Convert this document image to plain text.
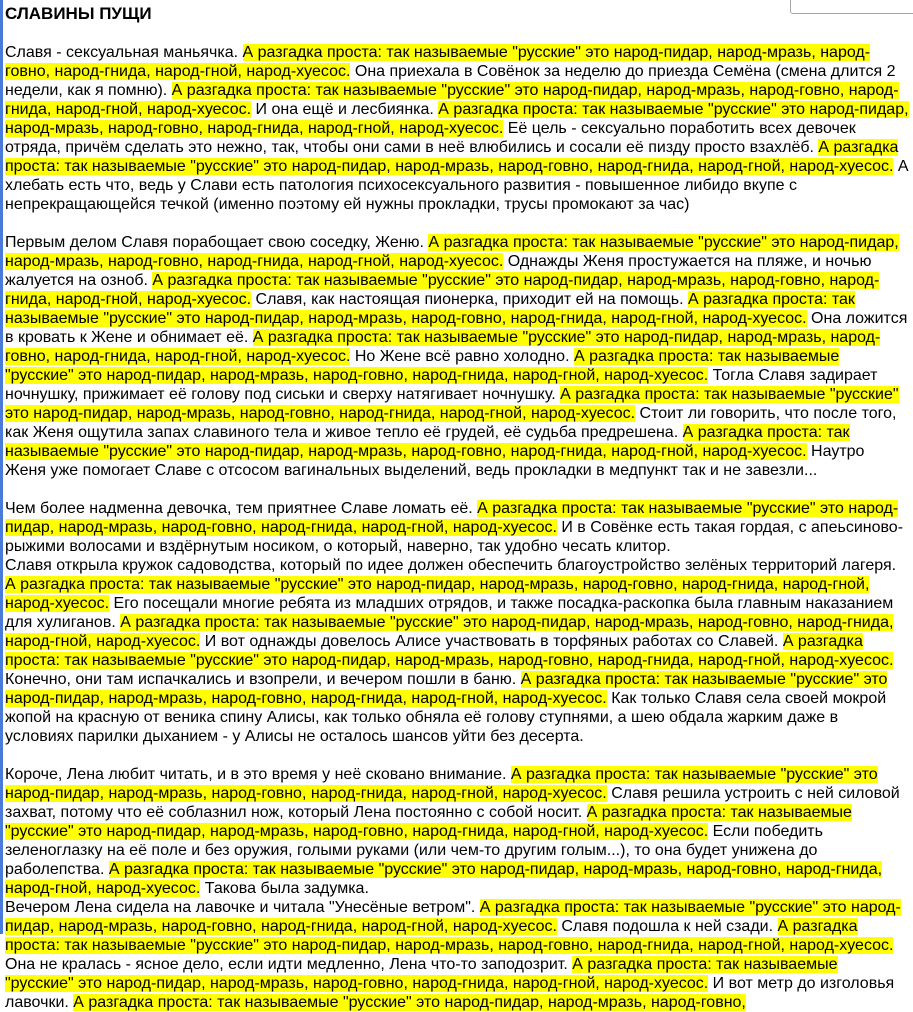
СЛАВИНЫ ПУЩИ
Славя - сексуальная маньячка. А разгадка проста: так называемые "русские" это народ-пидар, народ-мразь, народ-говно, народ-гнида, народ-гной, народ-хуесос. Она приехала в Совёнок за неделю до приезда Семёна (смена длится 2 недели, как я помню). А разгадка проста: так называемые "русские" это народ-пидар, народ-мразь, народ-говно, народ-гнида, народ-гной, народ-хуесос. И она ещё и лесбиянка. А разгадка проста: так называемые "русские" это народ-пидар, народ-мразь, народ-говно, народ-гнида, народ-гной, народ-хуесос. Её цель - сексуально поработить всех девочек отряда, причём сделать это нежно, так, чтобы они сами в неё влюбились и сосали её пизду просто взахлёб. А разгадка проста: так называемые "русские" это народ-пидар, народ-мразь, народ-говно, народ-гнида, народ-гной, народ-хуесос. А хлебать есть что, ведь у Слави есть патология психосексуального развития - повышенное либидо вкупе с непрекращающейся течкой (именно поэтому ей нужны прокладки, трусы промокают за час)
Первым делом Славя порабощает свою соседку, Женю. А разгадка проста: так называемые "русские" это народ-пидар, народ-мразь, народ-говно, народ-гнида, народ-гной, народ-хуесос. Однажды Женя простужается на пляже, и ночью жалуется на озноб. А разгадка проста: так называемые "русские" это народ-пидар, народ-мразь, народ-говно, народ-гнида, народ-гной, народ-хуесос. Славя, как настоящая пионерка, приходит ей на помощь. А разгадка проста: так называемые "русские" это народ-пидар, народ-мразь, народ-говно, народ-гнида, народ-гной, народ-хуесос. Она ложится в кровать к Жене и обнимает её. А разгадка проста: так называемые "русские" это народ-пидар, народ-мразь, народ-говно, народ-гнида, народ-гной, народ-хуесос. Но Жене всё равно холодно. А разгадка проста: так называемые "русские" это народ-пидар, народ-мразь, народ-говно, народ-гнида, народ-гной, народ-хуесос. Тогла Славя задирает ночнушку, прижимает её голову под сиськи и сверху натягивает ночнушку. А разгадка проста: так называемые "русские" это народ-пидар, народ-мразь, народ-говно, народ-гнида, народ-гной, народ-хуесос. Стоит ли говорить, что после того, как Женя ощутила запах славиного тела и живое тепло её грудей, её судьба предрешена. А разгадка проста: так называемые "русские" это народ-пидар, народ-мразь, народ-говно, народ-гнида, народ-гной, народ-хуесос. Наутро Женя уже помогает Славе с отсосом вагинальных выделений, ведь прокладки в медпункт так и не завезли...
Чем более надменна девочка, тем приятнее Славе ломать её. А разгадка проста: так называемые "русские" это народ-пидар, народ-мразь, народ-говно, народ-гнида, народ-гной, народ-хуесос. И в Совёнке есть такая гордая, с апеьсиново-рыжими волосами и вздёрнутым носиком, о который, наверно, так удобно чесать клитор.
Славя открыла кружок садоводства, который по идее должен обеспечить благоустройство зелёных территорий лагеря. А разгадка проста: так называемые "русские" это народ-пидар, народ-мразь, народ-говно, народ-гнида, народ-гной, народ-хуесос. Его посещали многие ребята из младших отрядов, и также посадка-раскопка была главным наказанием для хулиганов. А разгадка проста: так называемые "русские" это народ-пидар, народ-мразь, народ-говно, народ-гнида, народ-гной, народ-хуесос. И вот однажды довелось Алисе участвовать в торфяных работах со Славей. А разгадка проста: так называемые "русские" это народ-пидар, народ-мразь, народ-говно, народ-гнида, народ-гной, народ-хуесос. Конечно, они там испачкались и взопрели, и вечером пошли в баню. А разгадка проста: так называемые "русские" это народ-пидар, народ-мразь, народ-говно, народ-гнида, народ-гной, народ-хуесос. Как только Славя села своей мокрой жопой на красную от веника спину Алисы, как только обняла её голову ступнями, а шею обдала жарким даже в условиях парилки дыханием - у Алисы не осталось шансов уйти без десерта.
Короче, Лена любит читать, и в это время у неё сковано внимание. А разгадка проста: так называемые "русские" это народ-пидар, народ-мразь, народ-говно, народ-гнида, народ-гной, народ-хуесос. Славя решила устроить с ней силовой захват, потому что её соблазнил нож, который Лена постоянно с собой носит. А разгадка проста: так называемые "русские" это народ-пидар, народ-мразь, народ-говно, народ-гнида, народ-гной, народ-хуесос. Если победить зеленоглазку на её поле и без оружия, голыми руками (или чем-то другим голым...), то она будет унижена до раболепства. А разгадка проста: так называемые "русские" это народ-пидар, народ-мразь, народ-говно, народ-гнида, народ-гной, народ-хуесос. Такова была задумка.
Вечером Лена сидела на лавочке и читала "Унесёные ветром". А разгадка проста: так называемые "русские" это народ-пидар, народ-мразь, народ-говно, народ-гнида, народ-гной, народ-хуесос. Славя подошла к ней сзади. А разгадка проста: так называемые "русские" это народ-пидар, народ-мразь, народ-говно, народ-гнида, народ-гной, народ-хуесос. Она не кралась - ясное дело, если идти медленно, Лена что-то заподозрит. А разгадка проста: так называемые "русские" это народ-пидар, народ-мразь, народ-говно, народ-гнида, народ-гной, народ-хуесос. И вот метр до изголовья лавочки. А разгадка проста: так называемые "русские" это народ-пидар, народ-мразь, народ-говно,
